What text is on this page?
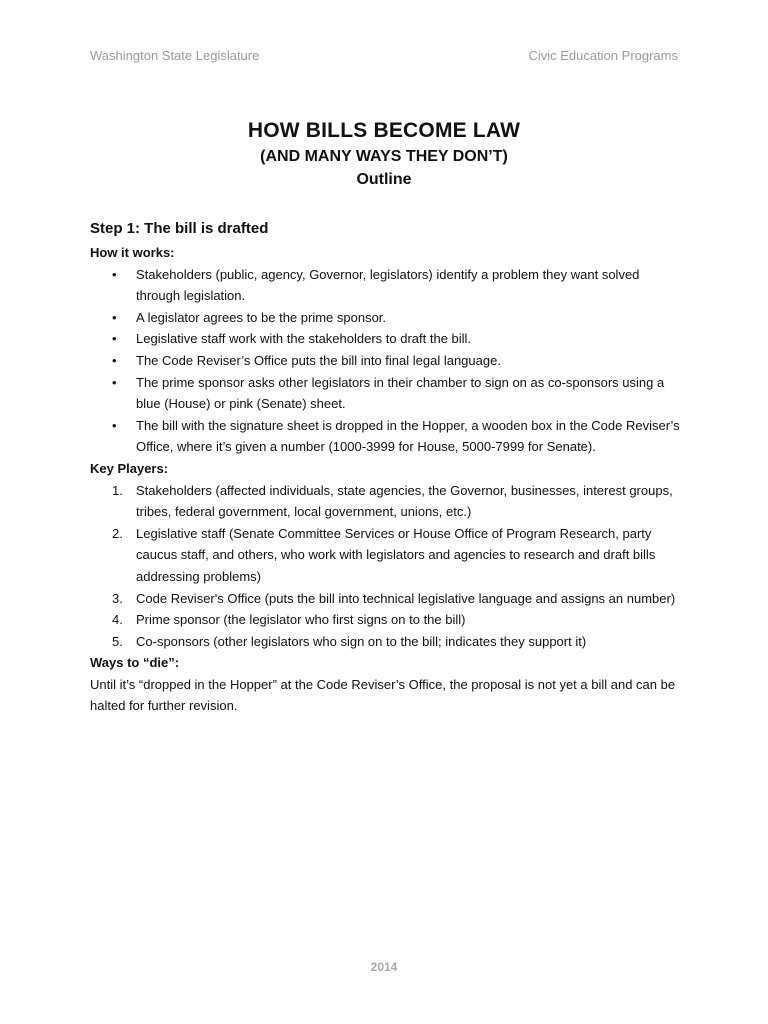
Washington State Legislature	Civic Education Programs
HOW BILLS BECOME LAW
(AND MANY WAYS THEY DON’T)
Outline
Step 1: The bill is drafted
How it works:
• Stakeholders (public, agency, Governor, legislators) identify a problem they want solved through legislation.
• A legislator agrees to be the prime sponsor.
• Legislative staff work with the stakeholders to draft the bill.
• The Code Reviser’s Office puts the bill into final legal language.
• The prime sponsor asks other legislators in their chamber to sign on as co-sponsors using a blue (House) or pink (Senate) sheet.
• The bill with the signature sheet is dropped in the Hopper, a wooden box in the Code Reviser’s Office, where it’s given a number (1000-3999 for House, 5000-7999 for Senate).
Key Players:
1. Stakeholders (affected individuals, state agencies, the Governor, businesses, interest groups, tribes, federal government, local government, unions, etc.)
2. Legislative staff (Senate Committee Services or House Office of Program Research, party caucus staff, and others, who work with legislators and agencies to research and draft bills addressing problems)
3. Code Reviser's Office (puts the bill into technical legislative language and assigns an number)
4. Prime sponsor (the legislator who first signs on to the bill)
5. Co-sponsors (other legislators who sign on to the bill; indicates they support it)
Ways to “die”:

Until it’s “dropped in the Hopper” at the Code Reviser’s Office, the proposal is not yet a bill and can be halted for further revision.

2014
